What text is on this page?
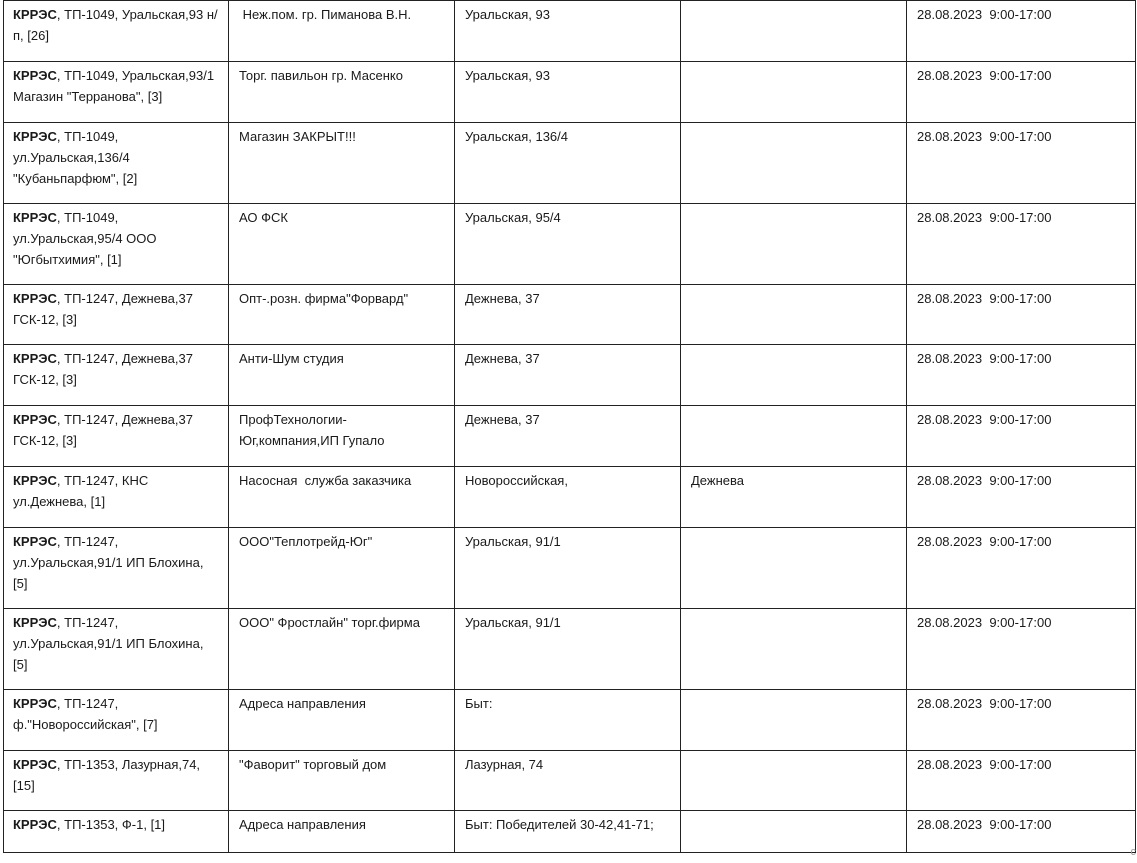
КРРЭС, ТП-1049, Уральская,93 н/п, [26]	Неж.пом. гр. Пиманова В.Н.	Уральская, 93		28.08.2023 9:00-17:00
КРРЭС, ТП-1049, Уральская,93/1 Магазин "Терранова", [3]	Торг. павильон гр. Масенко	Уральская, 93		28.08.2023 9:00-17:00
КРРЭС, ТП-1049, ул.Уральская,136/4 "Кубаньпарфюм", [2]	Магазин ЗАКРЫТ!!!	Уральская, 136/4		28.08.2023 9:00-17:00
КРРЭС, ТП-1049, ул.Уральская,95/4 ООО "Югбытхимия", [1]	АО ФСК	Уральская, 95/4		28.08.2023 9:00-17:00
КРРЭС, ТП-1247, Дежнева,37 ГСК-12, [3]	Опт-.розн. фирма"Форвард"	Дежнева, 37		28.08.2023 9:00-17:00
КРРЭС, ТП-1247, Дежнева,37 ГСК-12, [3]	Анти-Шум студия	Дежнева, 37		28.08.2023 9:00-17:00
КРРЭС, ТП-1247, Дежнева,37 ГСК-12, [3]	ПрофТехнологии-Юг,компания,ИП Гупало	Дежнева, 37		28.08.2023 9:00-17:00
КРРЭС, ТП-1247, КНС ул.Дежнева, [1]	Насосная  служба заказчика	Новороссийская,	Дежнева	28.08.2023 9:00-17:00
КРРЭС, ТП-1247, ул.Уральская,91/1 ИП Блохина, [5]	ООО"Теплотрейд-Юг"	Уральская, 91/1		28.08.2023 9:00-17:00
КРРЭС, ТП-1247, ул.Уральская,91/1 ИП Блохина, [5]	ООО" Фростлайн" торг.фирма	Уральская, 91/1		28.08.2023 9:00-17:00
КРРЭС, ТП-1247, ф."Новороссийская", [7]	Адреса направления	Быт:		28.08.2023 9:00-17:00
КРРЭС, ТП-1353, Лазурная,74, [15]	"Фаворит" торговый дом	Лазурная, 74		28.08.2023 9:00-17:00
КРРЭС, ТП-1353, Ф-1, [1]	Адреса направления	Быт: Победителей 30-42,41-71;		28.08.2023 9:00-17:00
с
